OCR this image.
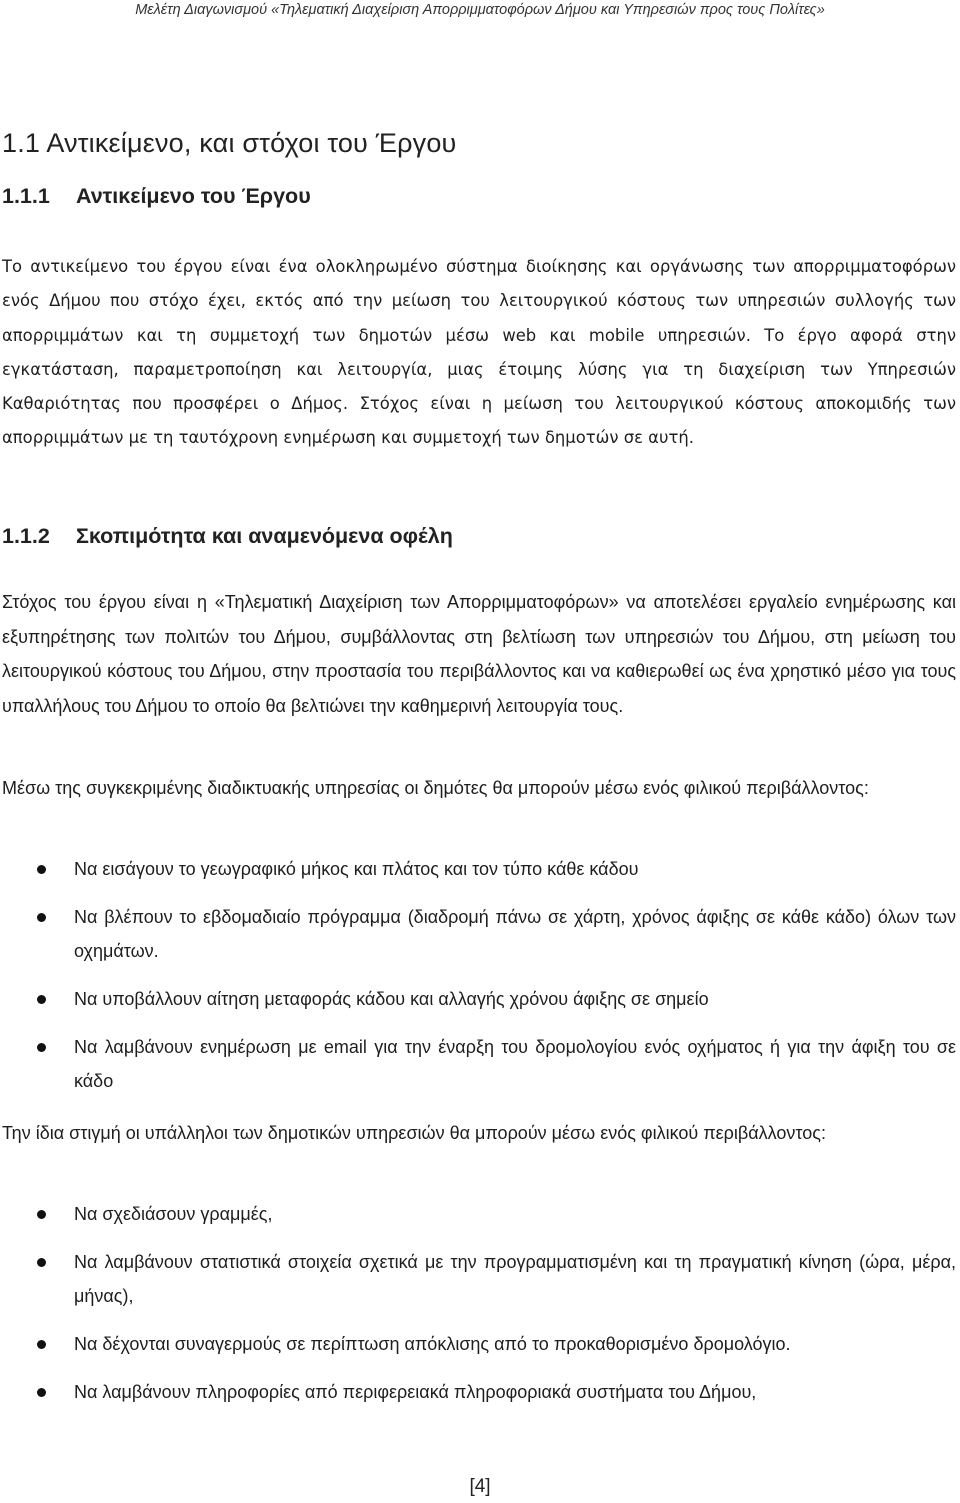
Μελέτη Διαγωνισμού «Τηλεματική Διαχείριση Απορριμματοφόρων Δήμου και Υπηρεσιών προς τους Πολίτες»
1.1 Αντικείμενο, και στόχοι του Έργου
1.1.1 Αντικείμενο του Έργου
Το αντικείμενο του έργου είναι ένα ολοκληρωμένο σύστημα διοίκησης και οργάνωσης των απορριμματοφόρων ενός Δήμου που στόχο έχει, εκτός από την μείωση του λειτουργικού κόστους των υπηρεσιών συλλογής των απορριμμάτων και τη συμμετοχή των δημοτών μέσω web και mobile υπηρεσιών. Το έργο αφορά στην εγκατάσταση, παραμετροποίηση και λειτουργία, μιας έτοιμης λύσης για τη διαχείριση των Υπηρεσιών Καθαριότητας που προσφέρει ο Δήμος. Στόχος είναι η μείωση του λειτουργικού κόστους αποκομιδής των απορριμμάτων με τη ταυτόχρονη ενημέρωση και συμμετοχή των δημοτών σε αυτή.
1.1.2 Σκοπιμότητα και αναμενόμενα οφέλη
Στόχος του έργου είναι η «Τηλεματική Διαχείριση των Απορριμματοφόρων» να αποτελέσει εργαλείο ενημέρωσης και εξυπηρέτησης των πολιτών του Δήμου, συμβάλλοντας στη βελτίωση των υπηρεσιών του Δήμου, στη μείωση του λειτουργικού κόστους του Δήμου, στην προστασία του περιβάλλοντος και να καθιερωθεί ως ένα χρηστικό μέσο για τους υπαλλήλους του Δήμου το οποίο θα βελτιώνει την καθημερινή λειτουργία τους.
Μέσω της συγκεκριμένης διαδικτυακής υπηρεσίας οι δημότες θα μπορούν μέσω ενός φιλικού περιβάλλοντος:
Να εισάγουν το γεωγραφικό μήκος και πλάτος και τον τύπο κάθε κάδου
Να βλέπουν το εβδομαδιαίο πρόγραμμα (διαδρομή πάνω σε χάρτη, χρόνος άφιξης σε κάθε κάδο) όλων των οχημάτων.
Να υποβάλλουν αίτηση μεταφοράς κάδου και αλλαγής χρόνου άφιξης σε σημείο
Να λαμβάνουν ενημέρωση με email για την έναρξη του δρομολογίου ενός οχήματος ή για την άφιξη του σε κάδο
Την ίδια στιγμή οι υπάλληλοι των δημοτικών υπηρεσιών θα μπορούν μέσω ενός φιλικού περιβάλλοντος:
Να σχεδιάσουν γραμμές,
Να λαμβάνουν στατιστικά στοιχεία σχετικά με την προγραμματισμένη και τη πραγματική κίνηση (ώρα, μέρα, μήνας),
Να δέχονται συναγερμούς σε περίπτωση απόκλισης από το προκαθορισμένο δρομολόγιο.
Να λαμβάνουν πληροφορίες από περιφερειακά πληροφοριακά συστήματα του Δήμου,
[4]
